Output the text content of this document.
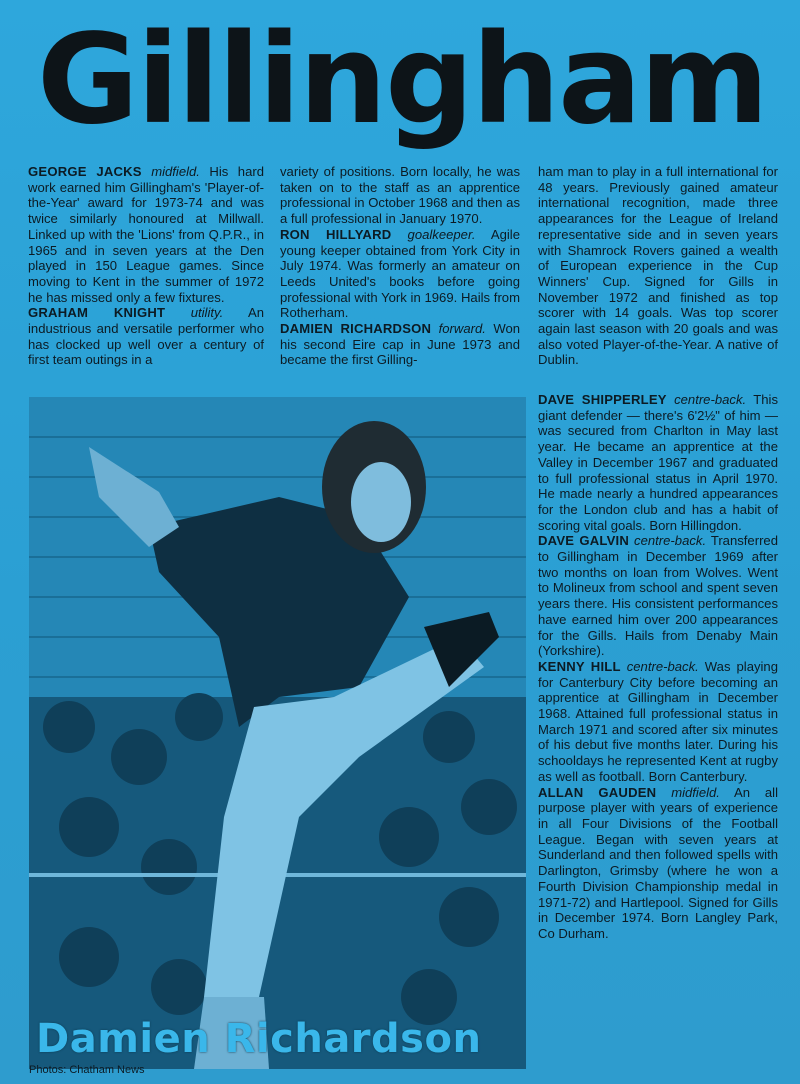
Gillingham

GEORGE JACKS midfield. His hard work earned him Gillingham's 'Player-of-the-Year' award for 1973-74 and was twice similarly honoured at Millwall. Linked up with the 'Lions' from Q.P.R., in 1965 and in seven years at the Den played in 150 League games. Since moving to Kent in the summer of 1972 he has missed only a few fixtures.

GRAHAM KNIGHT utility. An industrious and versatile performer who has clocked up well over a century of first team outings in a

variety of positions. Born locally, he was taken on to the staff as an apprentice professional in October 1968 and then as a full professional in January 1970.

RON HILLYARD goalkeeper. Agile young keeper obtained from York City in July 1974. Was formerly an amateur on Leeds United's books before going professional with York in 1969. Hails from Rotherham.

DAMIEN RICHARDSON forward. Won his second Eire cap in June 1973 and became the first Gilling-

ham man to play in a full international for 48 years. Previously gained amateur international recognition, made three appearances for the League of Ireland representative side and in seven years with Shamrock Rovers gained a wealth of European experience in the Cup Winners' Cup. Signed for Gills in November 1972 and finished as top scorer with 14 goals. Was top scorer again last season with 20 goals and was also voted Player-of-the-Year. A native of Dublin.

DAVE SHIPPERLEY centre-back. This giant defender — there's 6'2½" of him — was secured from Charlton in May last year. He became an apprentice at the Valley in December 1967 and graduated to full professional status in April 1970. He made nearly a hundred appearances for the London club and has a habit of scoring vital goals. Born Hillingdon.

DAVE GALVIN centre-back. Transferred to Gillingham in December 1969 after two months on loan from Wolves. Went to Molineux from school and spent seven years there. His consistent performances have earned him over 200 appearances for the Gills. Hails from Denaby Main (Yorkshire).

KENNY HILL centre-back. Was playing for Canterbury City before becoming an apprentice at Gillingham in December 1968. Attained full professional status in March 1971 and scored after six minutes of his debut five months later. During his schooldays he represented Kent at rugby as well as football. Born Canterbury.

ALLAN GAUDEN midfield. An all purpose player with years of experience in all Four Divisions of the Football League. Began with seven years at Sunderland and then followed spells with Darlington, Grimsby (where he won a Fourth Division Championship medal in 1971-72) and Hartlepool. Signed for Gills in December 1974. Born Langley Park, Co Durham.

Damien Richardson
Photos: Chatham News
